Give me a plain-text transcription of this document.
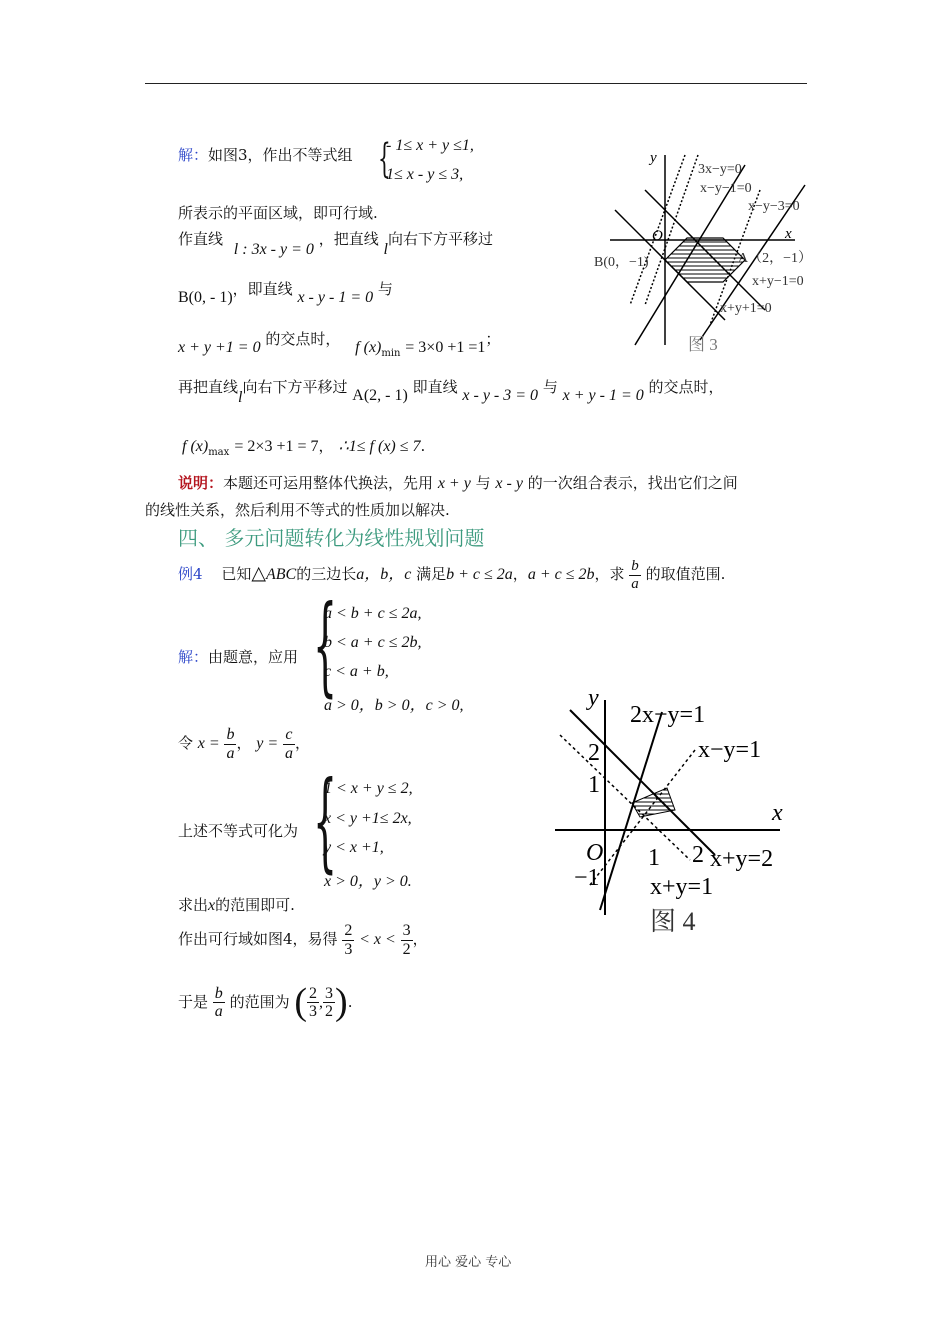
解：如图3，作出不等式组 {
- 1≤ x + y ≤1,
1≤ x - y ≤ 3,
所表示的平面区域，即可行域.
作直线 l : 3x - y = 0 ，把直线 l向右下方平移过
B(0, - 1)，即直线 x - y - 1 = 0 与
x + y +1 = 0 的交点时， f $(x)_{min} = 3\times 0 +1 =1$；
再把直线l向右下方平移过 A(2, - 1) 即直线 x - y - 3 = 0 与 x + y - 1 = 0 的交点时，
f $(x)_{max} = 2\times 3 +1 = 7$， ∴1≤ f (x) ≤ 7.
说明：本题还可运用整体代换法，先用 x + y 与 x - y 的一次组合表示，找出它们之间
的线性关系，然后利用不等式的性质加以解决.
四、 多元问题转化为线性规划问题
例4 已知△ABC的三边长a，b，c 满足b + c ≤ 2a，a + c ≤ 2b，求 $\frac{b}{a}$ 的取值范围.
解：由题意，应用 {
a < b + c ≤ 2a,
b < a + c ≤ 2b,
c < a + b,
a > 0，b > 0，c > 0,
令 $x = \frac{b}{a}$ ， $y = \frac{c}{a}$ ，
上述不等式可化为 {
1 < x + y ≤ 2,
x < y +1≤ 2x,
y < x +1,
x > 0，y > 0.
求出x的范围即可.
作出可行域如图4，易得 $\frac{2}{3} < x < \frac{3}{2}$ ，
于是 $\frac{b}{a}$ 的范围为 ( $\frac{2}{3}$ , $\frac{3}{2}$ ).
y
x
O
3x−y=0
x−y−1=0
x−y−3=0
A（2，−1）
B(0，−1)
x+y−1=0
x+y+1=0
图 3
y
x
O
2
1
−1
1 2
2x−y=1
x−y=1
x+y=2
x+y=1
图 4
用心 爱心 专心
